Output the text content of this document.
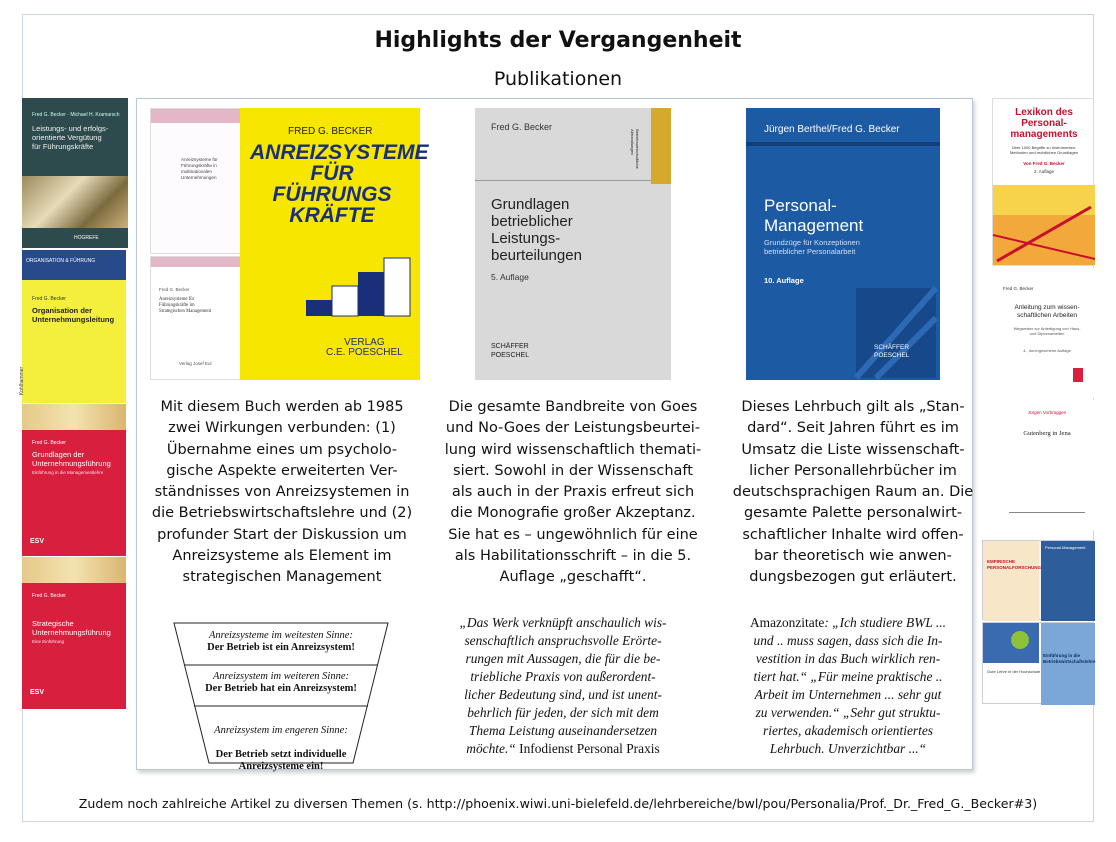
Highlights der Vergangenheit
Publikationen
Fred G. Becker · Michael H. Kramarsch
Leistungs- und erfolgs-
orientierte Vergütung
für Führungskräfte
HOGREFE
ORGANISATION & FÜHRUNG
Fred G. Becker
Organisation der
Unternehmungsleitung
Kohlhammer
Fred G. Becker
Grundlagen der
Unternehmungsführung
Einführung in die Managementlehre
ESV
Fred G. Becker
Strategische
Unternehmungsführung
Eine Einführung
ESV
Lexikon des
Personal-
managements
Über 1000 Begriffe zu Instrumenten,
Methoden und rechtlichen Grundlagen
Von Fred G. Becker
2. Auflage
Fred G. Becker
Anleitung zum wissen-
schaftlichen Arbeiten
Wegweiser zur Anfertigung von Haus-
und Diplomarbeiten
4., durchgesehene Auflage
Jürgen Vorbrüggen
Gutenberg in Jena
EMPIRISCHE
PERSONALFORSCHUNG
Personal-Management
Gute Lehre in der Hochschule
Einführung in die
Betriebswirtschaftslehre
Anreizsysteme für
Führungskräfte in
multinationalen
Unternehmungen
Fred G. Becker
Anreizsysteme für
Führungskräfte im
Strategischen Management
Verlag Josef Eul
FRED G. BECKER
ANREIZSYSTEME
FÜR
FÜHRUNGS
KRÄFTE
VERLAG
C.E. POESCHEL
Betriebswirtschaftliche
Abhandlungen
Fred G. Becker
Grundlagen
betrieblicher
Leistungs-
beurteilungen
5. Auflage
SCHÄFFER
POESCHEL
Jürgen Berthel/Fred G. Becker
Personal-
Management
Grundzüge für Konzeptionen
betrieblicher Personalarbeit
10. Auflage
SCHÄFFER
POESCHEL
Mit diesem Buch werden ab 1985
zwei Wirkungen verbunden: (1)
Übernahme eines um psycholo-
gische Aspekte erweiterten Ver-
ständnisses von Anreizsystemen in
die Betriebswirtschaftslehre und (2)
profunder Start der Diskussion um
Anreizsysteme als Element im
strategischen Management
Die gesamte Bandbreite von Goes
und No-Goes der Leistungsbeurtei-
lung wird wissenschaftlich themati-
siert. Sowohl in der Wissenschaft
als auch in der Praxis erfreut sich
die Monografie großer Akzeptanz.
Sie hat es – ungewöhnlich für eine
als Habilitationsschrift – in die 5.
Auflage „geschafft“.
Dieses Lehrbuch gilt als „Stan-
dard“. Seit Jahren führt es im
Umsatz die Liste wissenschaft-
licher Personallehrbücher im
deutschsprachigen Raum an. Die
gesamte Palette personalwirt-
schaftlicher Inhalte wird offen-
bar theoretisch wie anwen-
dungsbezogen gut erläutert.
Anreizsysteme im weitesten Sinne:
Der Betrieb ist ein Anreizsystem!
Anreizsystem im weiteren Sinne:
Der Betrieb hat ein Anreizsystem!

Anreizsystem im engeren Sinne:

Der Betrieb setzt individuelle
Anreizsysteme ein!

„Das Werk verknüpft anschaulich wis-
senschaftlich anspruchsvolle Erörte-
rungen mit Aussagen, die für die be-
triebliche Praxis von außerordent-
licher Bedeutung sind, und ist unent-
behrlich für jeden, der sich mit dem
Thema Leistung auseinandersetzen
möchte.“ Infodienst Personal Praxis
Amazonzitate: „Ich studiere BWL ...
und .. muss sagen, dass sich die In-
vestition in das Buch wirklich ren-
tiert hat.“ „Für meine praktische ..
Arbeit im Unternehmen ... sehr gut
zu verwenden.“ „Sehr gut struktu-
riertes, akademisch orientiertes
Lehrbuch. Unverzichtbar ...“
Zudem noch zahlreiche Artikel zu diversen Themen (s. http://phoenix.wiwi.uni-bielefeld.de/lehrbereiche/bwl/pou/Personalia/Prof._Dr._Fred_G._Becker#3)
